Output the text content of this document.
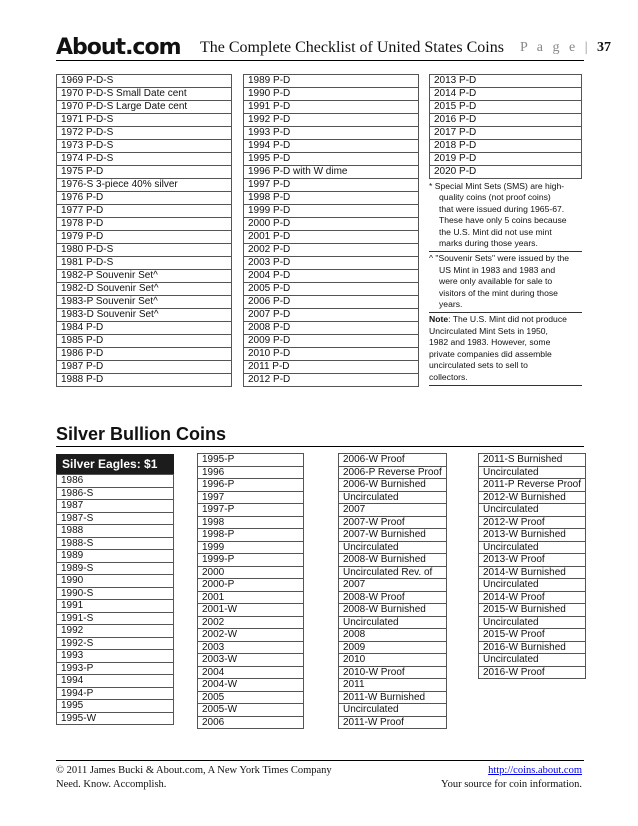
About.com The Complete Checklist of United States Coins P a g e | 37
1969 P-D-S
1970 P-D-S Small Date cent
1970 P-D-S Large Date cent
1971 P-D-S
1972 P-D-S
1973 P-D-S
1974 P-D-S
1975 P-D
1976-S 3-piece 40% silver
1976 P-D
1977 P-D
1978 P-D
1979 P-D
1980 P-D-S
1981 P-D-S
1982-P Souvenir Set^
1982-D Souvenir Set^
1983-P Souvenir Set^
1983-D Souvenir Set^
1984 P-D
1985 P-D
1986 P-D
1987 P-D
1988 P-D
1989 P-D
1990 P-D
1991 P-D
1992 P-D
1993 P-D
1994 P-D
1995 P-D
1996 P-D with W dime
1997 P-D
1998 P-D
1999 P-D
2000 P-D
2001 P-D
2002 P-D
2003 P-D
2004 P-D
2005 P-D
2006 P-D
2007 P-D
2008 P-D
2009 P-D
2010 P-D
2011 P-D
2012 P-D
2013 P-D
2014 P-D
2015 P-D
2016 P-D
2017 P-D
2018 P-D
2019 P-D
2020 P-D
* Special Mint Sets (SMS) are high-
quality coins (not proof coins)
that were issued during 1965-67.
These have only 5 coins because
the U.S. Mint did not use mint
marks during those years.
^ "Souvenir Sets" were issued by the
US Mint in 1983 and 1983 and
were only available for sale to
visitors of the mint during those
years.
Note: The U.S. Mint did not produce
Uncirculated Mint Sets in 1950,
1982 and 1983. However, some
private companies did assemble
uncirculated sets to sell to
collectors.
Silver Bullion Coins
Silver Eagles: $1
1986
1986-S
1987
1987-S
1988
1988-S
1989
1989-S
1990
1990-S
1991
1991-S
1992
1992-S
1993
1993-P
1994
1994-P
1995
1995-W
1995-P
1996
1996-P
1997
1997-P
1998
1998-P
1999
1999-P
2000
2000-P
2001
2001-W
2002
2002-W
2003
2003-W
2004
2004-W
2005
2005-W
2006
2006-W Proof
2006-P Reverse Proof
2006-W Burnished
Uncirculated
2007
2007-W Proof
2007-W Burnished
Uncirculated
2008-W Burnished
Uncirculated Rev. of
2007
2008-W Proof
2008-W Burnished
Uncirculated
2008
2009
2010
2010-W Proof
2011
2011-W Burnished
Uncirculated
2011-W Proof
2011-S Burnished
Uncirculated
2011-P Reverse Proof
2012-W Burnished
Uncirculated
2012-W Proof
2013-W Burnished
Uncirculated
2013-W Proof
2014-W Burnished
Uncirculated
2014-W Proof
2015-W Burnished
Uncirculated
2015-W Proof
2016-W Burnished
Uncirculated
2016-W Proof
© 2011 James Bucki & About.com, A New York Times Company
Need. Know. Accomplish.
http://coins.about.com
Your source for coin information.
